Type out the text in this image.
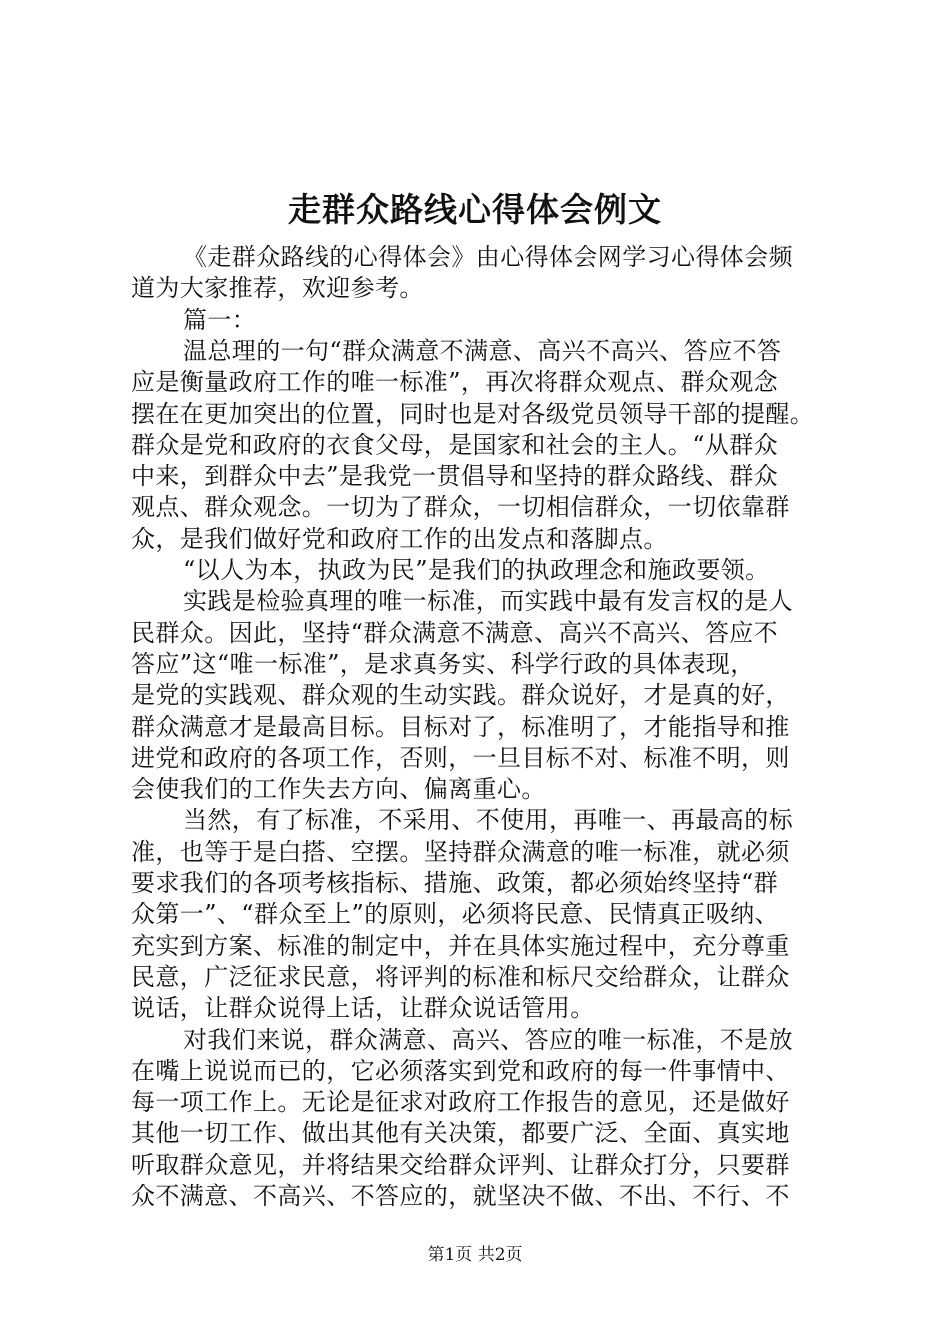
走群众路线心得体会例文
《走群众路线的心得体会》由心得体会网学习心得体会频
道为大家推荐，欢迎参考。
篇一：
温总理的一句“群众满意不满意、高兴不高兴、答应不答
应是衡量政府工作的唯一标准”，再次将群众观点、群众观念
摆在在更加突出的位置，同时也是对各级党员领导干部的提醒。
群众是党和政府的衣食父母，是国家和社会的主人。“从群众
中来，到群众中去”是我党一贯倡导和坚持的群众路线、群众
观点、群众观念。一切为了群众，一切相信群众，一切依靠群
众，是我们做好党和政府工作的出发点和落脚点。
“以人为本，执政为民”是我们的执政理念和施政要领。
实践是检验真理的唯一标准，而实践中最有发言权的是人
民群众。因此，坚持“群众满意不满意、高兴不高兴、答应不
答应”这“唯一标准”，是求真务实、科学行政的具体表现，
是党的实践观、群众观的生动实践。群众说好，才是真的好，
群众满意才是最高目标。目标对了，标准明了，才能指导和推
进党和政府的各项工作，否则，一旦目标不对、标准不明，则
会使我们的工作失去方向、偏离重心。
当然，有了标准，不采用、不使用，再唯一、再最高的标
准，也等于是白搭、空摆。坚持群众满意的唯一标准，就必须
要求我们的各项考核指标、措施、政策，都必须始终坚持“群
众第一”、“群众至上”的原则，必须将民意、民情真正吸纳、
充实到方案、标准的制定中，并在具体实施过程中，充分尊重
民意，广泛征求民意，将评判的标准和标尺交给群众，让群众
说话，让群众说得上话，让群众说话管用。
对我们来说，群众满意、高兴、答应的唯一标准，不是放
在嘴上说说而已的，它必须落实到党和政府的每一件事情中、
每一项工作上。无论是征求对政府工作报告的意见，还是做好
其他一切工作、做出其他有关决策，都要广泛、全面、真实地
听取群众意见，并将结果交给群众评判、让群众打分，只要群
众不满意、不高兴、不答应的，就坚决不做、不出、不行、不
第1页 共2页
